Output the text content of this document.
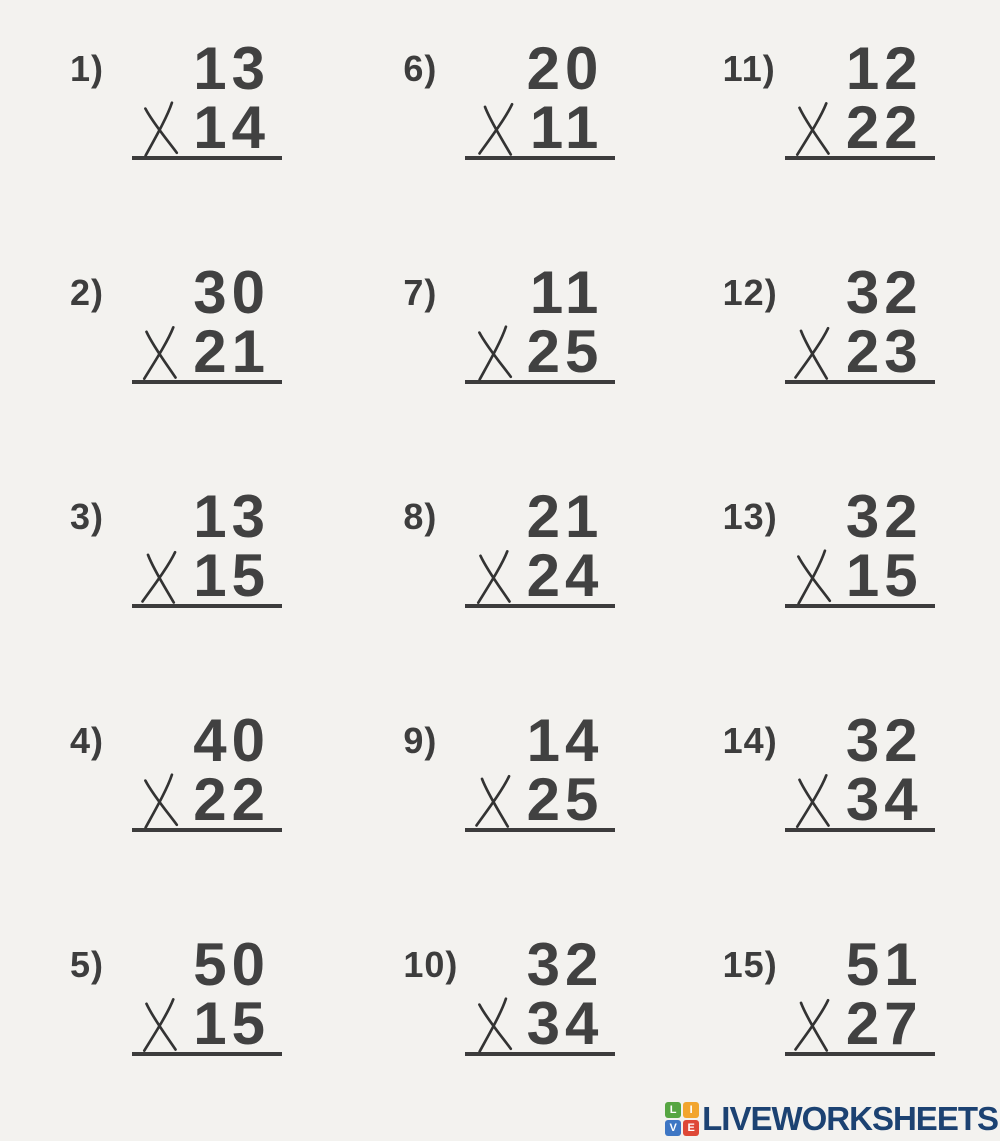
1)	13
14
2)	30
21
3)	13
15
4)	40
22
5)	50
15
6)	20
11
7)	11
25
8)	21
24
9)	14
25
10) 32
34
11) 12
22
12) 32
23
13) 32
15
14) 32
34
15) 51
27
L	I
V E LIVEWORKSHEETS
